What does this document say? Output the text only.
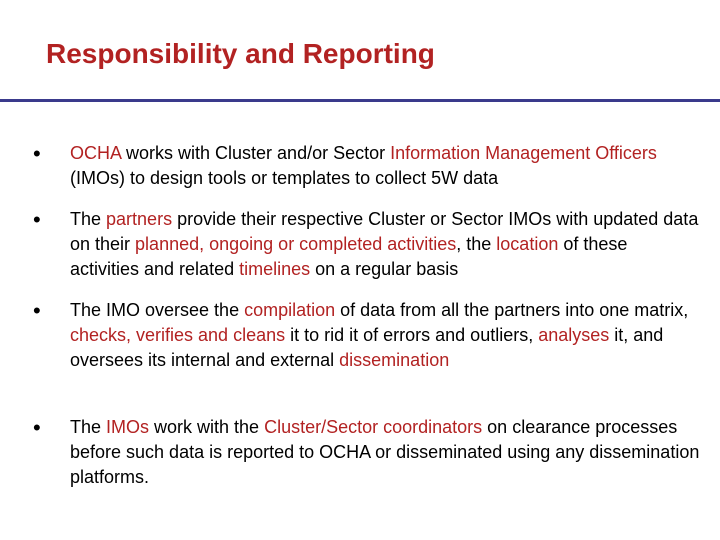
Responsibility and Reporting
• OCHA works with Cluster and/or Sector Information Management Officers (IMOs) to design tools or templates to collect 5W data
• The partners provide their respective Cluster or Sector IMOs with updated data on their planned, ongoing or completed activities, the location of these activities and related timelines on a regular basis
• The IMO oversee the compilation of data from all the partners into one matrix, checks, verifies and cleans it to rid it of errors and outliers, analyses it, and oversees its internal and external dissemination
• The IMOs work with the Cluster/Sector coordinators on clearance processes before such data is reported to OCHA or disseminated using any dissemination platforms.
